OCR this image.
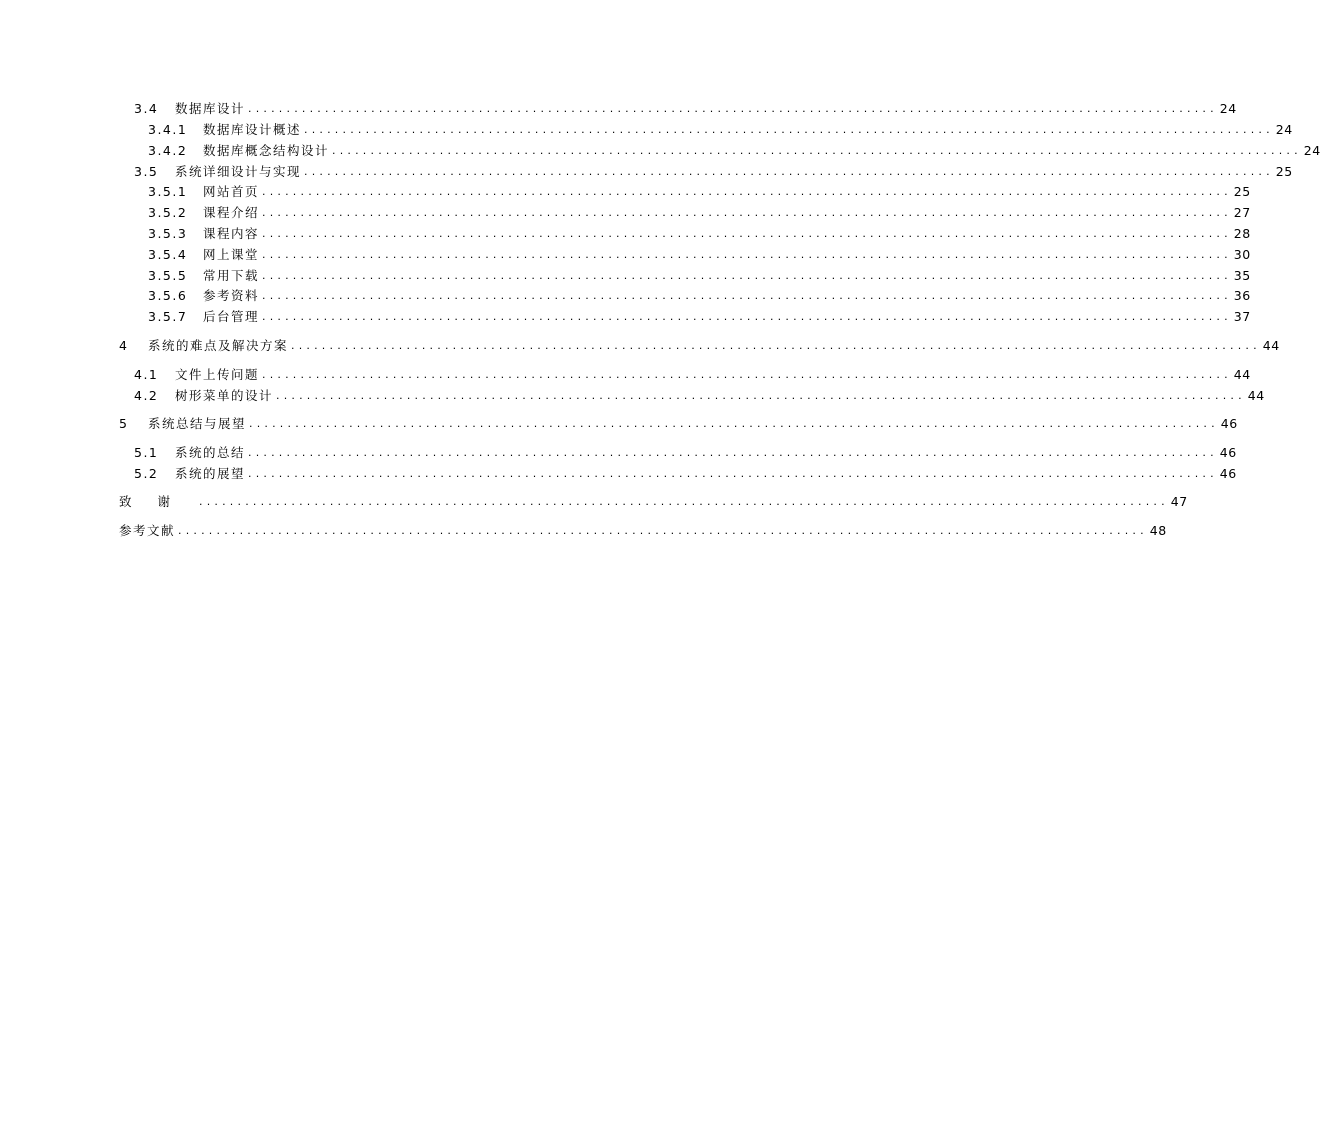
3.4	数据库设计 .............................................................................................................................. 24
3.4.1	数据库设计概述 .............................................................................................................................. 24
3.4.2	数据库概念结构设计 .............................................................................................................................. 24
3.5	系统详细设计与实现 .............................................................................................................................. 25
3.5.1	网站首页 .............................................................................................................................. 25
3.5.2	课程介绍 .............................................................................................................................. 27
3.5.3	课程内容 .............................................................................................................................. 28
3.5.4	网上课堂 .............................................................................................................................. 30
3.5.5	常用下载 .............................................................................................................................. 35
3.5.6	参考资料 .............................................................................................................................. 36
3.5.7	后台管理 .............................................................................................................................. 37
4	系统的难点及解决方案 .............................................................................................................................. 44
4.1	文件上传问题 .............................................................................................................................. 44
4.2	树形菜单的设计 .............................................................................................................................. 44
5	系统总结与展望 .............................................................................................................................. 46
5.1	系统的总结 .............................................................................................................................. 46
5.2	系统的展望 .............................................................................................................................. 46
致谢 .............................................................................................................................. 47
参考文献 .............................................................................................................................. 48
